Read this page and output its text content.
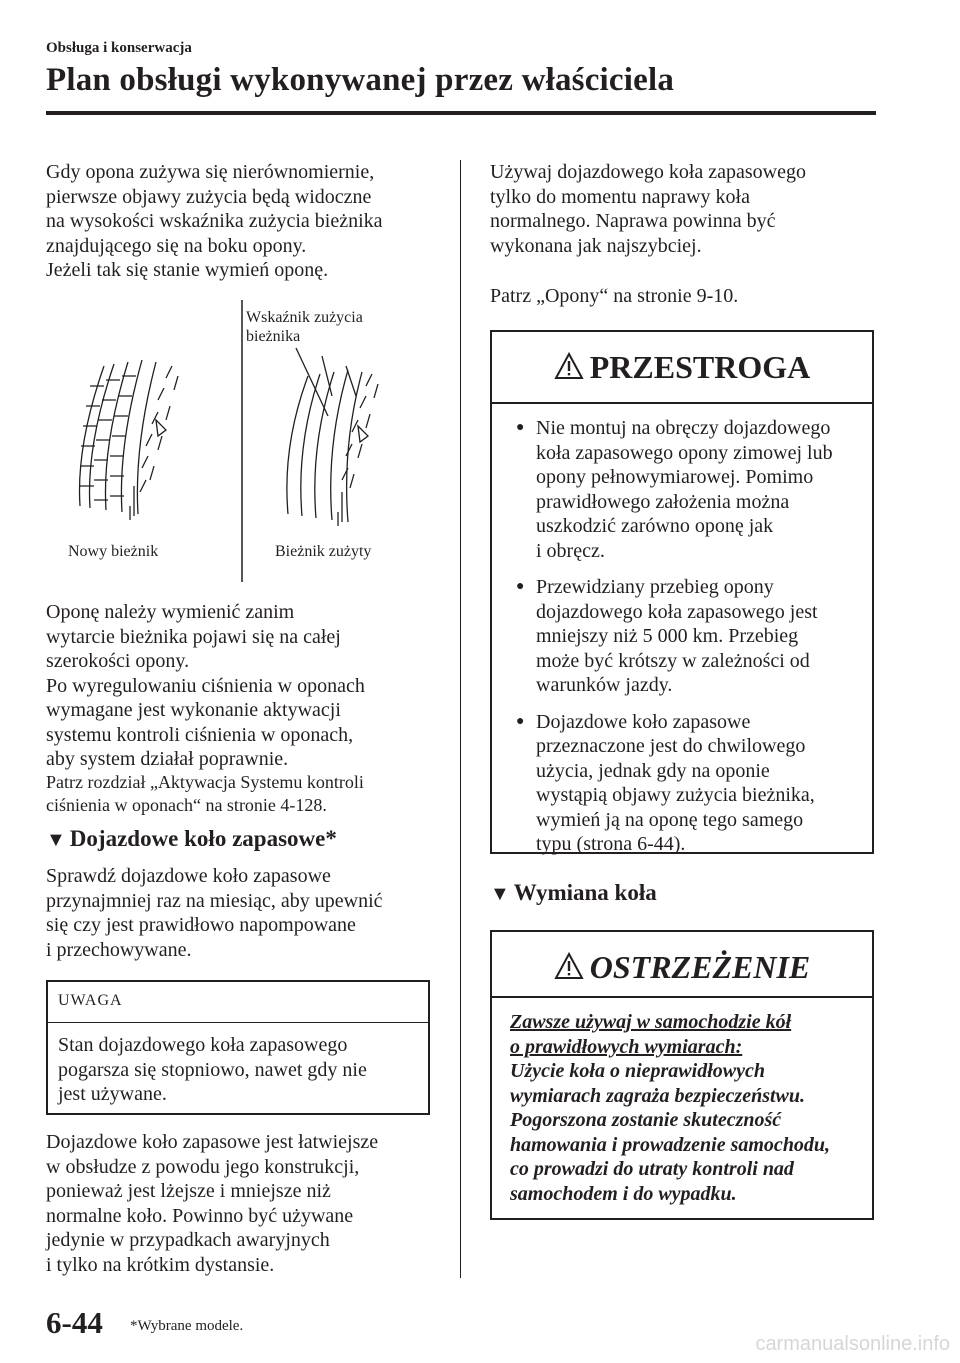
Obsługa i konserwacja
Plan obsługi wykonywanej przez właściciela

Gdy opona zużywa się nierównomiernie,
pierwsze objawy zużycia będą widoczne
na wysokości wskaźnika zużycia bieżnika
znajdującego się na boku opony.
Jeżeli tak się stanie wymień oponę.

Wskaźnik zużycia
bieżnika
Nowy bieżnik	Bieżnik zużyty

Oponę należy wymienić zanim
wytarcie bieżnika pojawi się na całej
szerokości opony.
Po wyregulowaniu ciśnienia w oponach
wymagane jest wykonanie aktywacji
systemu kontroli ciśnienia w oponach,
aby system działał poprawnie.

Patrz rozdział „Aktywacja Systemu kontroli
ciśnienia w oponach“ na stronie 4-128.

▼ Dojazdowe koło zapasowe*

Sprawdź dojazdowe koło zapasowe
przynajmniej raz na miesiąc, aby upewnić
się czy jest prawidłowo napompowane
i przechowywane.

UWAGA
Stan dojazdowego koła zapasowego
pogarsza się stopniowo, nawet gdy nie
jest używane.

Dojazdowe koło zapasowe jest łatwiejsze
w obsłudze z powodu jego konstrukcji,
ponieważ jest lżejsze i mniejsze niż
normalne koło. Powinno być używane
jedynie w przypadkach awaryjnych
i tylko na krótkim dystansie.

Używaj dojazdowego koła zapasowego
tylko do momentu naprawy koła
normalnego. Naprawa powinna być
wykonana jak najszybciej.

Patrz „Opony“ na stronie 9-10.

PRZESTROGA
● Nie montuj na obręczy dojazdowego
koła zapasowego opony zimowej lub
opony pełnowymiarowej. Pomimo
prawidłowego założenia można
uszkodzić zarówno oponę jak
i obręcz.
● Przewidziany przebieg opony
dojazdowego koła zapasowego jest
mniejszy niż 5 000 km. Przebieg
może być krótszy w zależności od
warunków jazdy.
● Dojazdowe koło zapasowe
przeznaczone jest do chwilowego
użycia, jednak gdy na oponie
wystąpią objawy zużycia bieżnika,
wymień ją na oponę tego samego
typu (strona 6-44).
▼ Wymiana koła
OSTRZEŻENIE
Zawsze używaj w samochodzie kół
o prawidłowych wymiarach:
Użycie koła o nieprawidłowych
wymiarach zagraża bezpieczeństwu.
Pogorszona zostanie skuteczność
hamowania i prowadzenie samochodu,
co prowadzi do utraty kontroli nad
samochodem i do wypadku.
6-44 *Wybrane modele.
carmanualsonline.info
